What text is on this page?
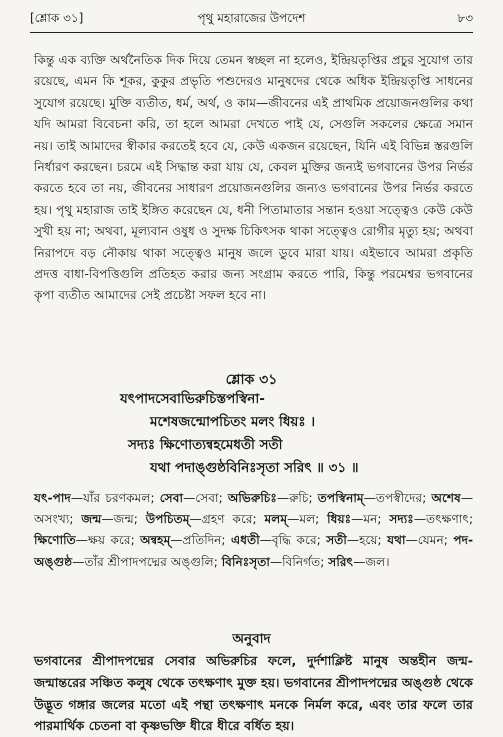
[শ্লোক ৩১]	পৃথু মহারাজের উপদেশ	৮৩
কিন্তু এক ব্যক্তি অর্থনৈতিক দিক দিয়ে তেমন স্বচ্ছল না হলেও, ইন্দ্রিয়তৃপ্তির প্রচুর সুযোগ তার রয়েছে, এমন কি শূকর, কুকুর প্রভৃতি পশুদেরও মানুষদের থেকে অধিক ইন্দ্রিয়তৃপ্তি সাধনের সুযোগ রয়েছে। মুক্তি ব্যতীত, ধর্ম, অর্থ, ও কাম—জীবনের এই প্রাথমিক প্রয়োজনগুলির কথা যদি আমরা বিবেচনা করি, তা হলে আমরা দেখতে পাই যে, সেগুলি সকলের ক্ষেত্রে সমান নয়। তাই আমাদের স্বীকার করতেই হবে যে, কেউ একজন রয়েছেন, যিনি এই বিভিন্ন স্তরগুলি নির্ধারণ করছেন। চরমে এই সিদ্ধান্ত করা যায় যে, কেবল মুক্তির জন্যই ভগবানের উপর নির্ভর করতে হবে তা নয়, জীবনের সাধারণ প্রয়োজনগুলির জন্যও ভগবানের উপর নির্ভর করতে হয়। পৃথু মহারাজ তাই ইঙ্গিত করেছেন যে, ধনী পিতামাতার সন্তান হওয়া সত্ত্বেও কেউ কেউ সুখী হয় না; অথবা, মূল্যবান ওষুধ ও সুদক্ষ চিকিৎসক থাকা সত্ত্বেও রোগীর মৃত্যু হয়; অথবা নিরাপদে বড় নৌকায় থাকা সত্ত্বেও মানুষ জলে ডুবে মারা যায়। এইভাবে আমরা প্রকৃতি প্রদত্ত বাধা-বিপত্তিগুলি প্রতিহত করার জন্য সংগ্রাম করতে পারি, কিন্তু পরমেশ্বর ভগবানের কৃপা ব্যতীত আমাদের সেই প্রচেষ্টা সফল হবে না।
শ্লোক ৩১
যৎপাদসেবাভিরুচিস্তপস্বিনা-
মশেষজন্মোপচিতং মলং ধিয়ঃ ।
সদ্যঃ ক্ষিণোত্যন্বহমেধতী সতী
যথা পদাঙ্গুষ্ঠবিনিঃসৃতা সরিৎ ॥ ৩১ ॥
যৎ-পাদ—যাঁর চরণকমল; সেবা—সেবা; অভিরুচিঃ—রুচি; তপস্বিনাম্—তপস্বীদের; অশেষ—অসংখ্য; জন্ম—জন্ম; উপচিতম্—গ্রহণ করে; মলম্—মল; ধিয়ঃ—মন; সদ্যঃ—তৎক্ষণাৎ; ক্ষিণোতি—ক্ষয় করে; অন্বহম্—প্রতিদিন; এধতী—বৃদ্ধি করে; সতী—হয়ে; যথা—যেমন; পদ-অঙ্গুষ্ঠ—তাঁর শ্রীপাদপদ্মের অঙ্গুলি; বিনিঃসৃতা—বিনির্গত; সরিৎ—জল।
অনুবাদ
ভগবানের শ্রীপাদপদ্মের সেবার অভিরুচির ফলে, দুর্দশাক্লিষ্ট মানুষ অন্তহীন জন্ম-জন্মান্তরের সঞ্চিত কলুষ থেকে তৎক্ষণাৎ মুক্ত হয়। ভগবানের শ্রীপাদপদ্মের অঙ্গুষ্ঠ থেকে উদ্ভূত গঙ্গার জলের মতো এই পন্থা তৎক্ষণাৎ মনকে নির্মল করে, এবং তার ফলে তার পারমার্থিক চেতনা বা কৃষ্ণভক্তি ধীরে ধীরে বর্ধিত হয়।
